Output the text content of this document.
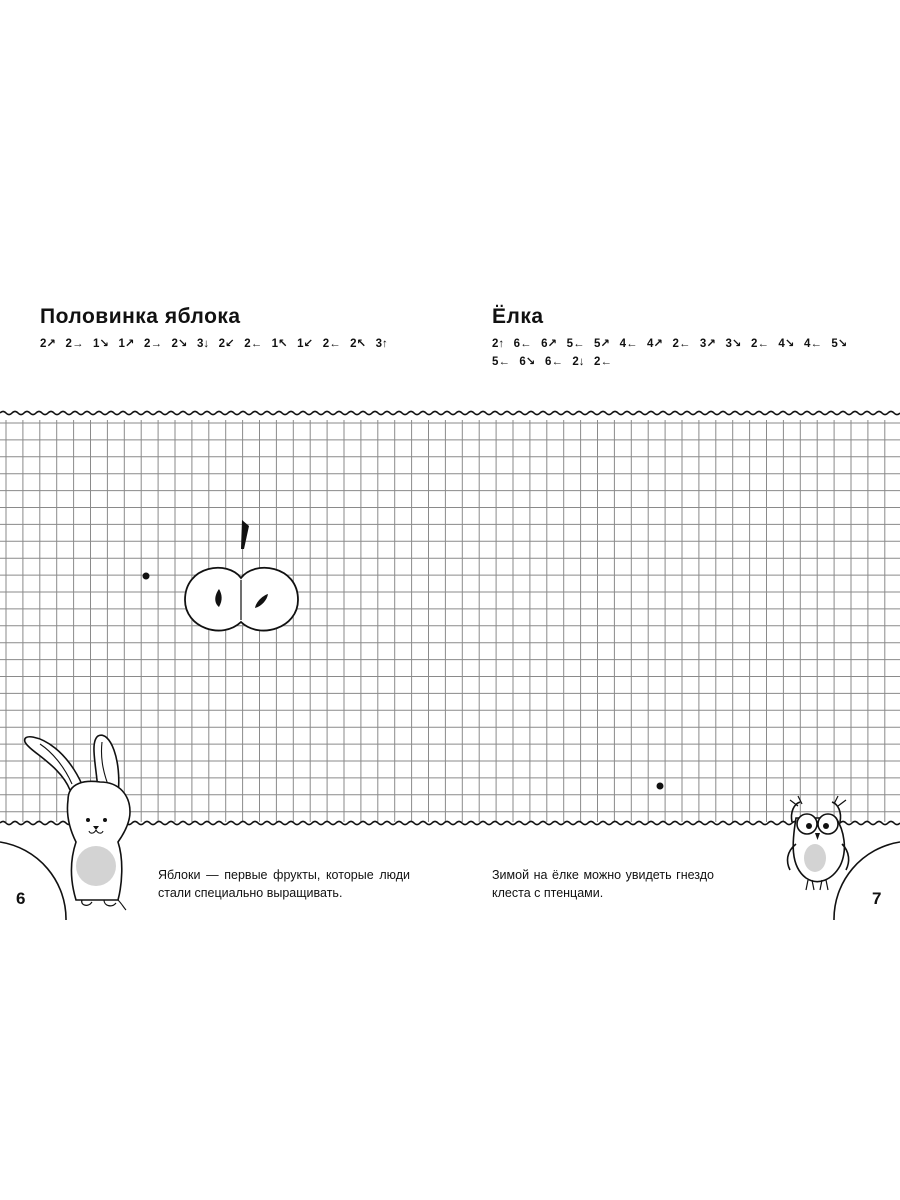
Половинка яблока
2↗ 2→ 1↘ 1↗ 2→ 2↘ 3↓ 2↙ 2← 1↖ 1↙ 2← 2↖ 3↑

Яблоки — первые фрукты, которые люди стали специально выращивать.

6
Ёлка
2↑ 6← 6↗ 5← 5↗ 4← 4↗ 2← 3↗ 3↘ 2← 4↘ 4← 5↘
5← 6↘ 6← 2↓ 2←

Зимой на ёлке можно увидеть гнездо клеста с птенцами.	7
